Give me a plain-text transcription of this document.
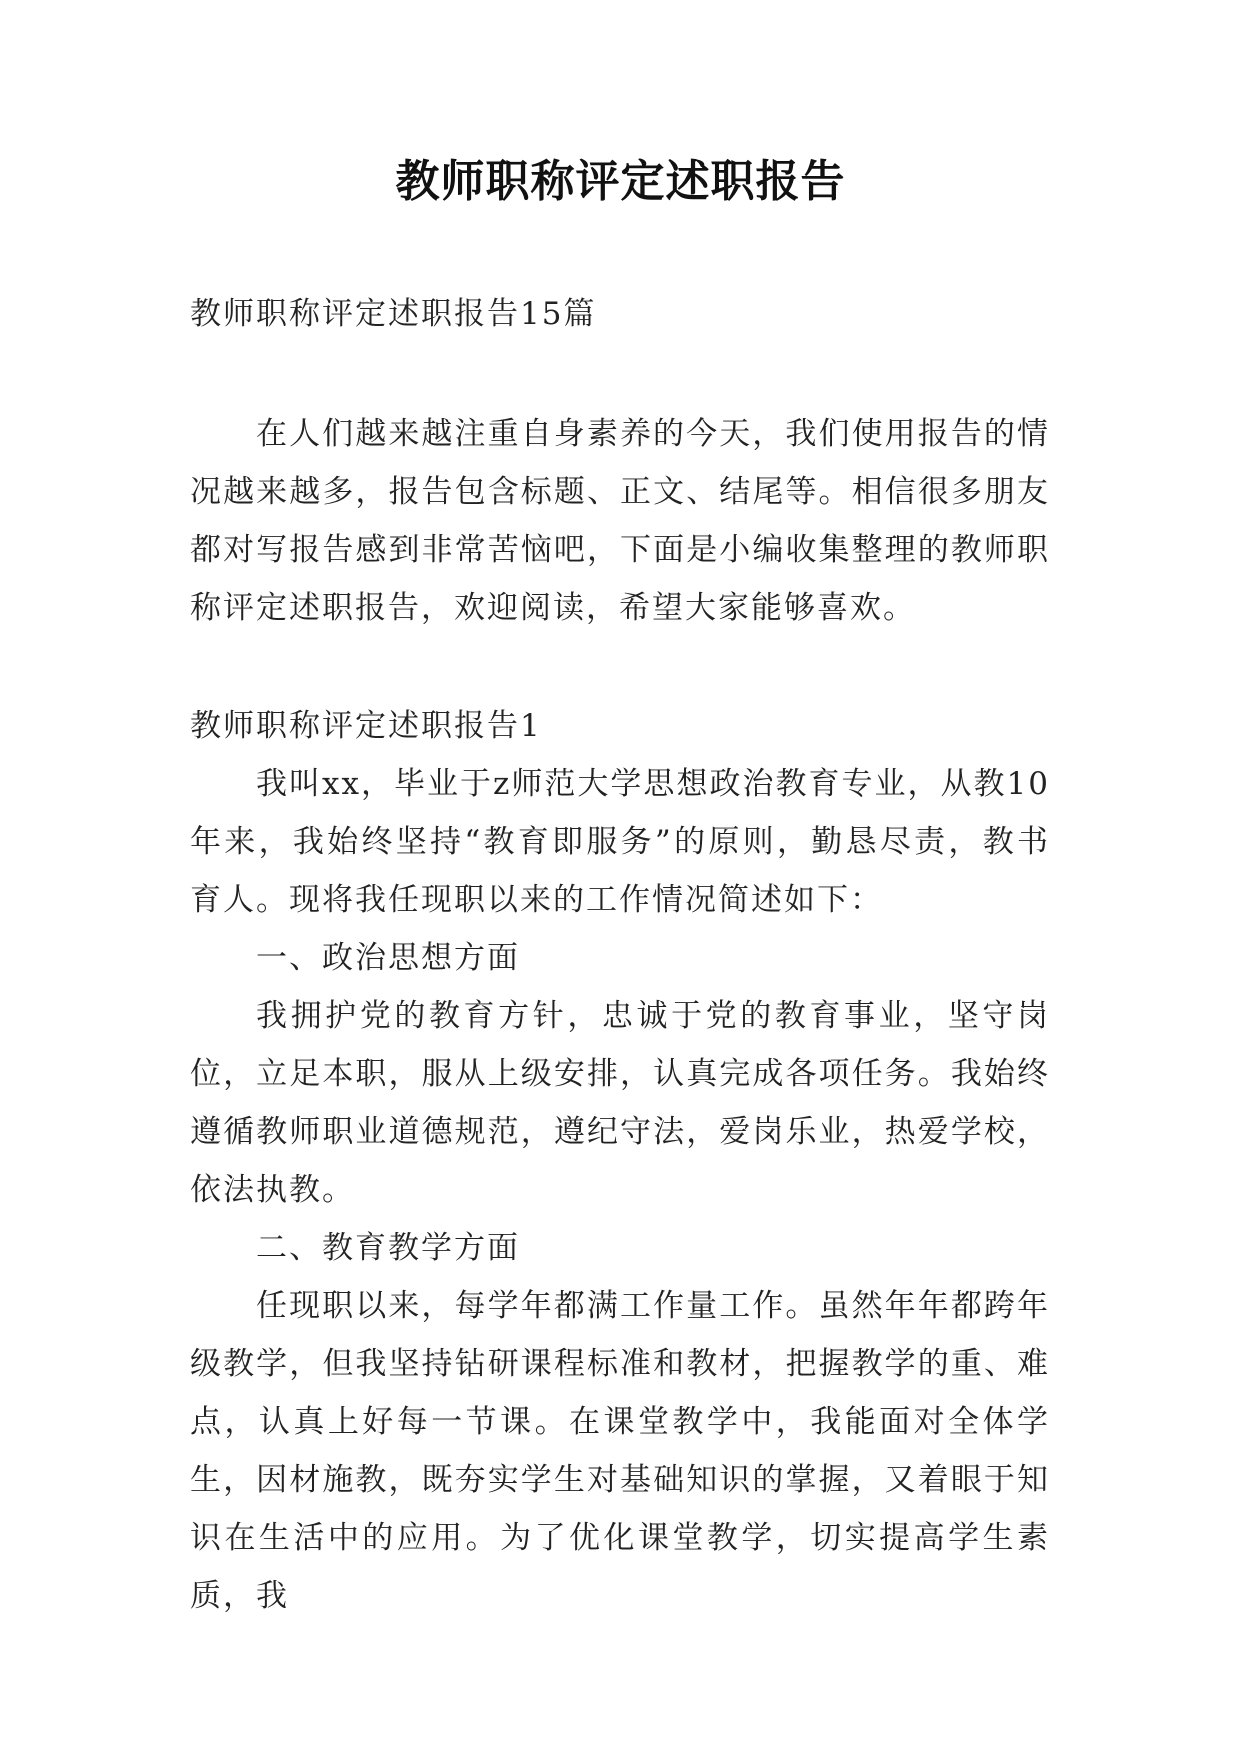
教师职称评定述职报告
教师职称评定述职报告15篇

在人们越来越注重自身素养的今天，我们使用报告的情况越来越多，报告包含标题、正文、结尾等。相信很多朋友都对写报告感到非常苦恼吧，下面是小编收集整理的教师职称评定述职报告，欢迎阅读，希望大家能够喜欢。

教师职称评定述职报告1

我叫xx，毕业于z师范大学思想政治教育专业，从教10年来，我始终坚持“教育即服务”的原则，勤恳尽责，教书育人。现将我任现职以来的工作情况简述如下：

一、政治思想方面

我拥护党的教育方针，忠诚于党的教育事业，坚守岗位，立足本职，服从上级安排，认真完成各项任务。我始终遵循教师职业道德规范，遵纪守法，爱岗乐业，热爱学校，依法执教。

二、教育教学方面

任现职以来，每学年都满工作量工作。虽然年年都跨年级教学，但我坚持钻研课程标准和教材，把握教学的重、难点，认真上好每一节课。在课堂教学中，我能面对全体学生，因材施教，既夯实学生对基础知识的掌握，又着眼于知识在生活中的应用。为了优化课堂教学，切实提高学生素质，我
